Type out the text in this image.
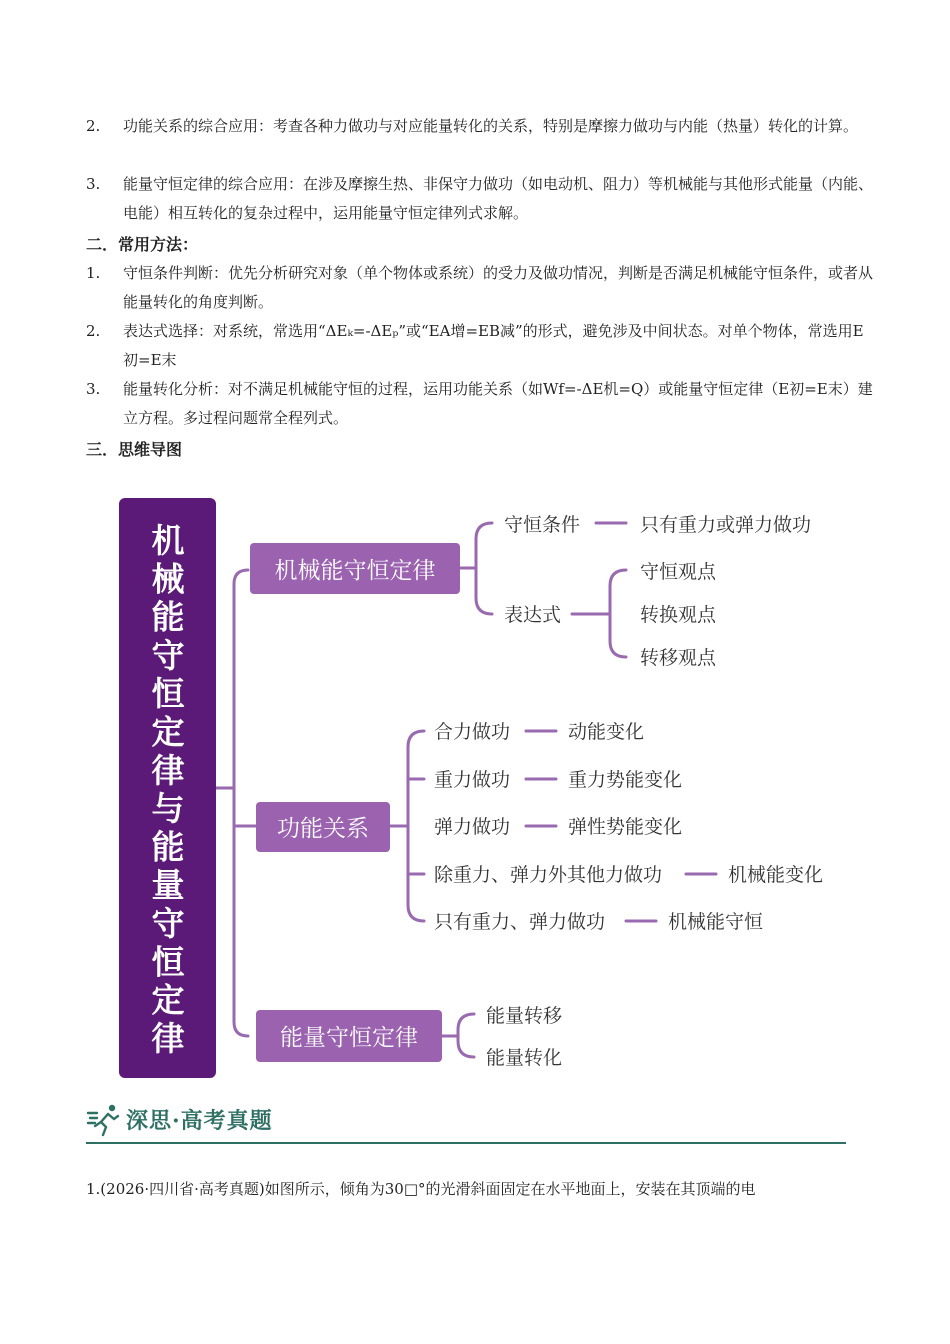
2. 功能关系的综合应用：考查各种力做功与对应能量转化的关系，特别是摩擦力做功与内能（热量）转化的计算。
3. 能量守恒定律的综合应用：在涉及摩擦生热、非保守力做功（如电动机、阻力）等机械能与其他形式能量（内能、电能）相互转化的复杂过程中，运用能量守恒定律列式求解。
二．常用方法：
1. 守恒条件判断：优先分析研究对象（单个物体或系统）的受力及做功情况，判断是否满足机械能守恒条件，或者从能量转化的角度判断。
2. 表达式选择：对系统，常选用“ΔEₖ=-ΔEₚ”或“EA增=EB减”的形式，避免涉及中间状态。对单个物体，常选用E初=E末
3. 能量转化分析：对不满足机械能守恒的过程，运用功能关系（如Wf=-ΔE机=Q）或能量守恒定律（E初=E末）建立方程。多过程问题常全程列式。
三．思维导图
机械能守恒定律与能量守恒定律
机械能守恒定律
守恒条件	只有重力或弹力做功
表达式
守恒观点
转换观点
转移观点
功能关系
合力做功	动能变化
重力做功	重力势能变化
弹力做功	弹性势能变化
除重力、弹力外其他力做功	机械能变化
只有重力、弹力做功	机械能守恒
能量守恒定律
能量转移
能量转化
深思·高考真题
1.(2026·四川省·高考真题)如图所示，倾角为30□°的光滑斜面固定在水平地面上，安装在其顶端的电
